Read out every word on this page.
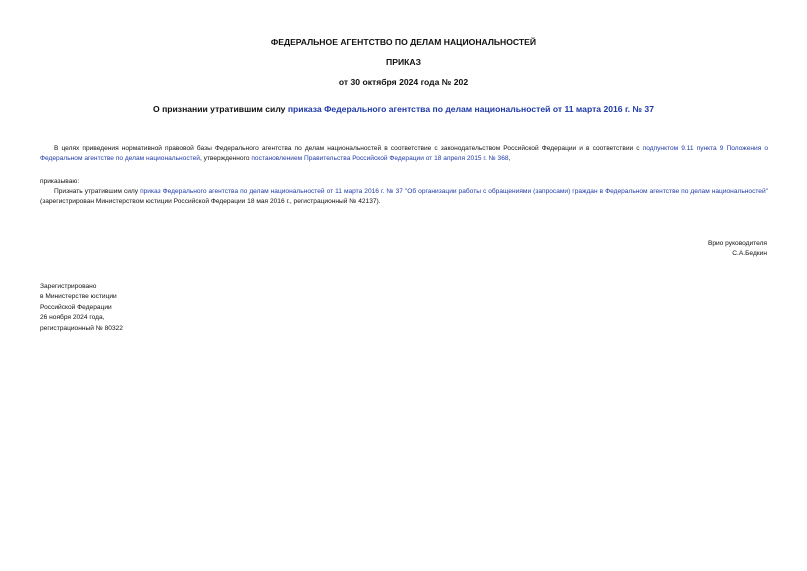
ФЕДЕРАЛЬНОЕ АГЕНТСТВО ПО ДЕЛАМ НАЦИОНАЛЬНОСТЕЙ
ПРИКАЗ
от 30 октября 2024 года № 202
О признании утратившим силу приказа Федерального агентства по делам национальностей от 11 марта 2016 г. № 37
В целях приведения нормативной правовой базы Федерального агентства по делам национальностей в соответствие с законодательством Российской Федерации и в соответствии с подпунктом 9.11 пункта 9 Положения о Федеральном агентстве по делам национальностей, утвержденного постановлением Правительства Российской Федерации от 18 апреля 2015 г. № 368,
приказываю:
Признать утратившим силу приказ Федерального агентства по делам национальностей от 11 марта 2016 г. № 37 "Об организации работы с обращениями (запросами) граждан в Федеральном агентстве по делам национальностей" (зарегистрирован Министерством юстиции Российской Федерации 18 мая 2016 г., регистрационный № 42137).
Врио руководителя
С.А.Бедкин
Зарегистрировано
в Министерстве юстиции
Российской Федерации
26 ноября 2024 года,
регистрационный № 80322
